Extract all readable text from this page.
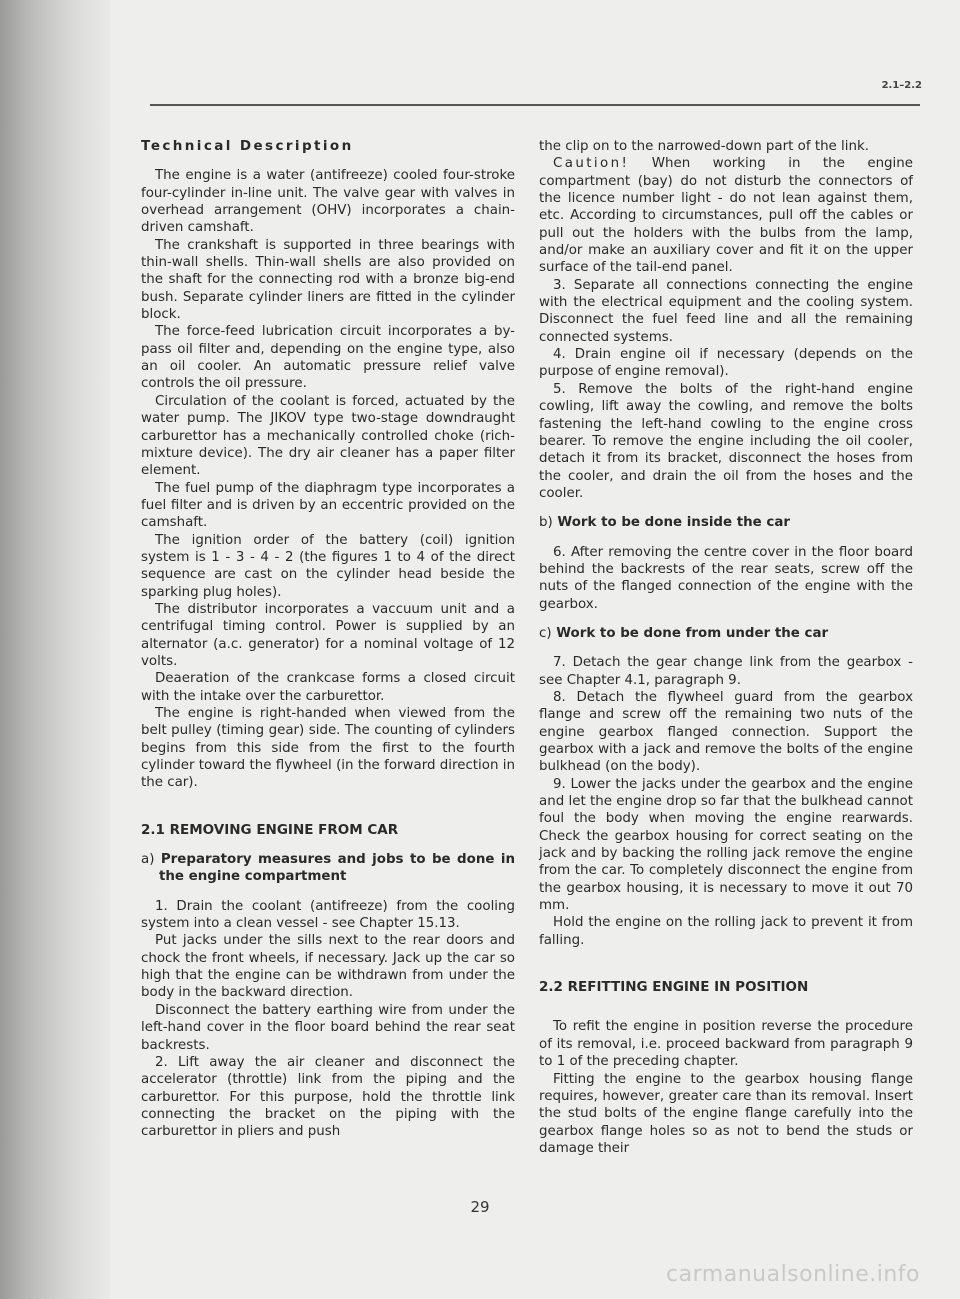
2.1–2.2

Technical Description

The engine is a water (antifreeze) cooled four-stroke four-cylinder in-line unit. The valve gear with valves in overhead arrangement (OHV) incorporates a chain-driven camshaft.

The crankshaft is supported in three bearings with thin-wall shells. Thin-wall shells are also provided on the shaft for the connecting rod with a bronze big-end bush. Separate cylinder liners are fitted in the cylinder block.

The force-feed lubrication circuit incorporates a by-pass oil filter and, depending on the engine type, also an oil cooler. An automatic pressure relief valve controls the oil pressure.

Circulation of the coolant is forced, actuated by the water pump. The JIKOV type two-stage downdraught carburettor has a mechanically controlled choke (rich-mixture device). The dry air cleaner has a paper filter element.

The fuel pump of the diaphragm type incorporates a fuel filter and is driven by an eccentric provided on the camshaft.

The ignition order of the battery (coil) ignition system is 1 - 3 - 4 - 2 (the figures 1 to 4 of the direct sequence are cast on the cylinder head beside the sparking plug holes).

The distributor incorporates a vaccuum unit and a centrifugal timing control. Power is supplied by an alternator (a.c. generator) for a nominal voltage of 12 volts.

Deaeration of the crankcase forms a closed circuit with the intake over the carburettor.

The engine is right-handed when viewed from the belt pulley (timing gear) side. The counting of cylinders begins from this side from the first to the fourth cylinder toward the flywheel (in the forward direction in the car).

2.1 REMOVING ENGINE FROM CAR

a) Preparatory measures and jobs to be done in the engine compartment

1. Drain the coolant (antifreeze) from the cooling system into a clean vessel - see Chapter 15.13.

Put jacks under the sills next to the rear doors and chock the front wheels, if necessary. Jack up the car so high that the engine can be withdrawn from under the body in the backward direction.

Disconnect the battery earthing wire from under the left-hand cover in the floor board behind the rear seat backrests.

2. Lift away the air cleaner and disconnect the accelerator (throttle) link from the piping and the carburettor. For this purpose, hold the throttle link connecting the bracket on the piping with the carburettor in pliers and push

the clip on to the narrowed-down part of the link.

Caution! When working in the engine compartment (bay) do not disturb the connectors of the licence number light - do not lean against them, etc. According to circumstances, pull off the cables or pull out the holders with the bulbs from the lamp, and/or make an auxiliary cover and fit it on the upper surface of the tail-end panel.

3. Separate all connections connecting the engine with the electrical equipment and the cooling system. Disconnect the fuel feed line and all the remaining connected systems.

4. Drain engine oil if necessary (depends on the purpose of engine removal).

5. Remove the bolts of the right-hand engine cowling, lift away the cowling, and remove the bolts fastening the left-hand cowling to the engine cross bearer. To remove the engine including the oil cooler, detach it from its bracket, disconnect the hoses from the cooler, and drain the oil from the hoses and the cooler.

b) Work to be done inside the car

6. After removing the centre cover in the floor board behind the backrests of the rear seats, screw off the nuts of the flanged connection of the engine with the gearbox.

c) Work to be done from under the car

7. Detach the gear change link from the gearbox - see Chapter 4.1, paragraph 9.

8. Detach the flywheel guard from the gearbox flange and screw off the remaining two nuts of the engine gearbox flanged connection. Support the gearbox with a jack and remove the bolts of the engine bulkhead (on the body).

9. Lower the jacks under the gearbox and the engine and let the engine drop so far that the bulkhead cannot foul the body when moving the engine rearwards. Check the gearbox housing for correct seating on the jack and by backing the rolling jack remove the engine from the car. To completely disconnect the engine from the gearbox housing, it is necessary to move it out 70 mm.

Hold the engine on the rolling jack to prevent it from falling.

2.2 REFITTING ENGINE IN POSITION

To refit the engine in position reverse the procedure of its removal, i.e. proceed backward from paragraph 9 to 1 of the preceding chapter.

Fitting the engine to the gearbox housing flange requires, however, greater care than its removal. Insert the stud bolts of the engine flange carefully into the gearbox flange holes so as not to bend the studs or damage their

29
carmanualsonline.info
